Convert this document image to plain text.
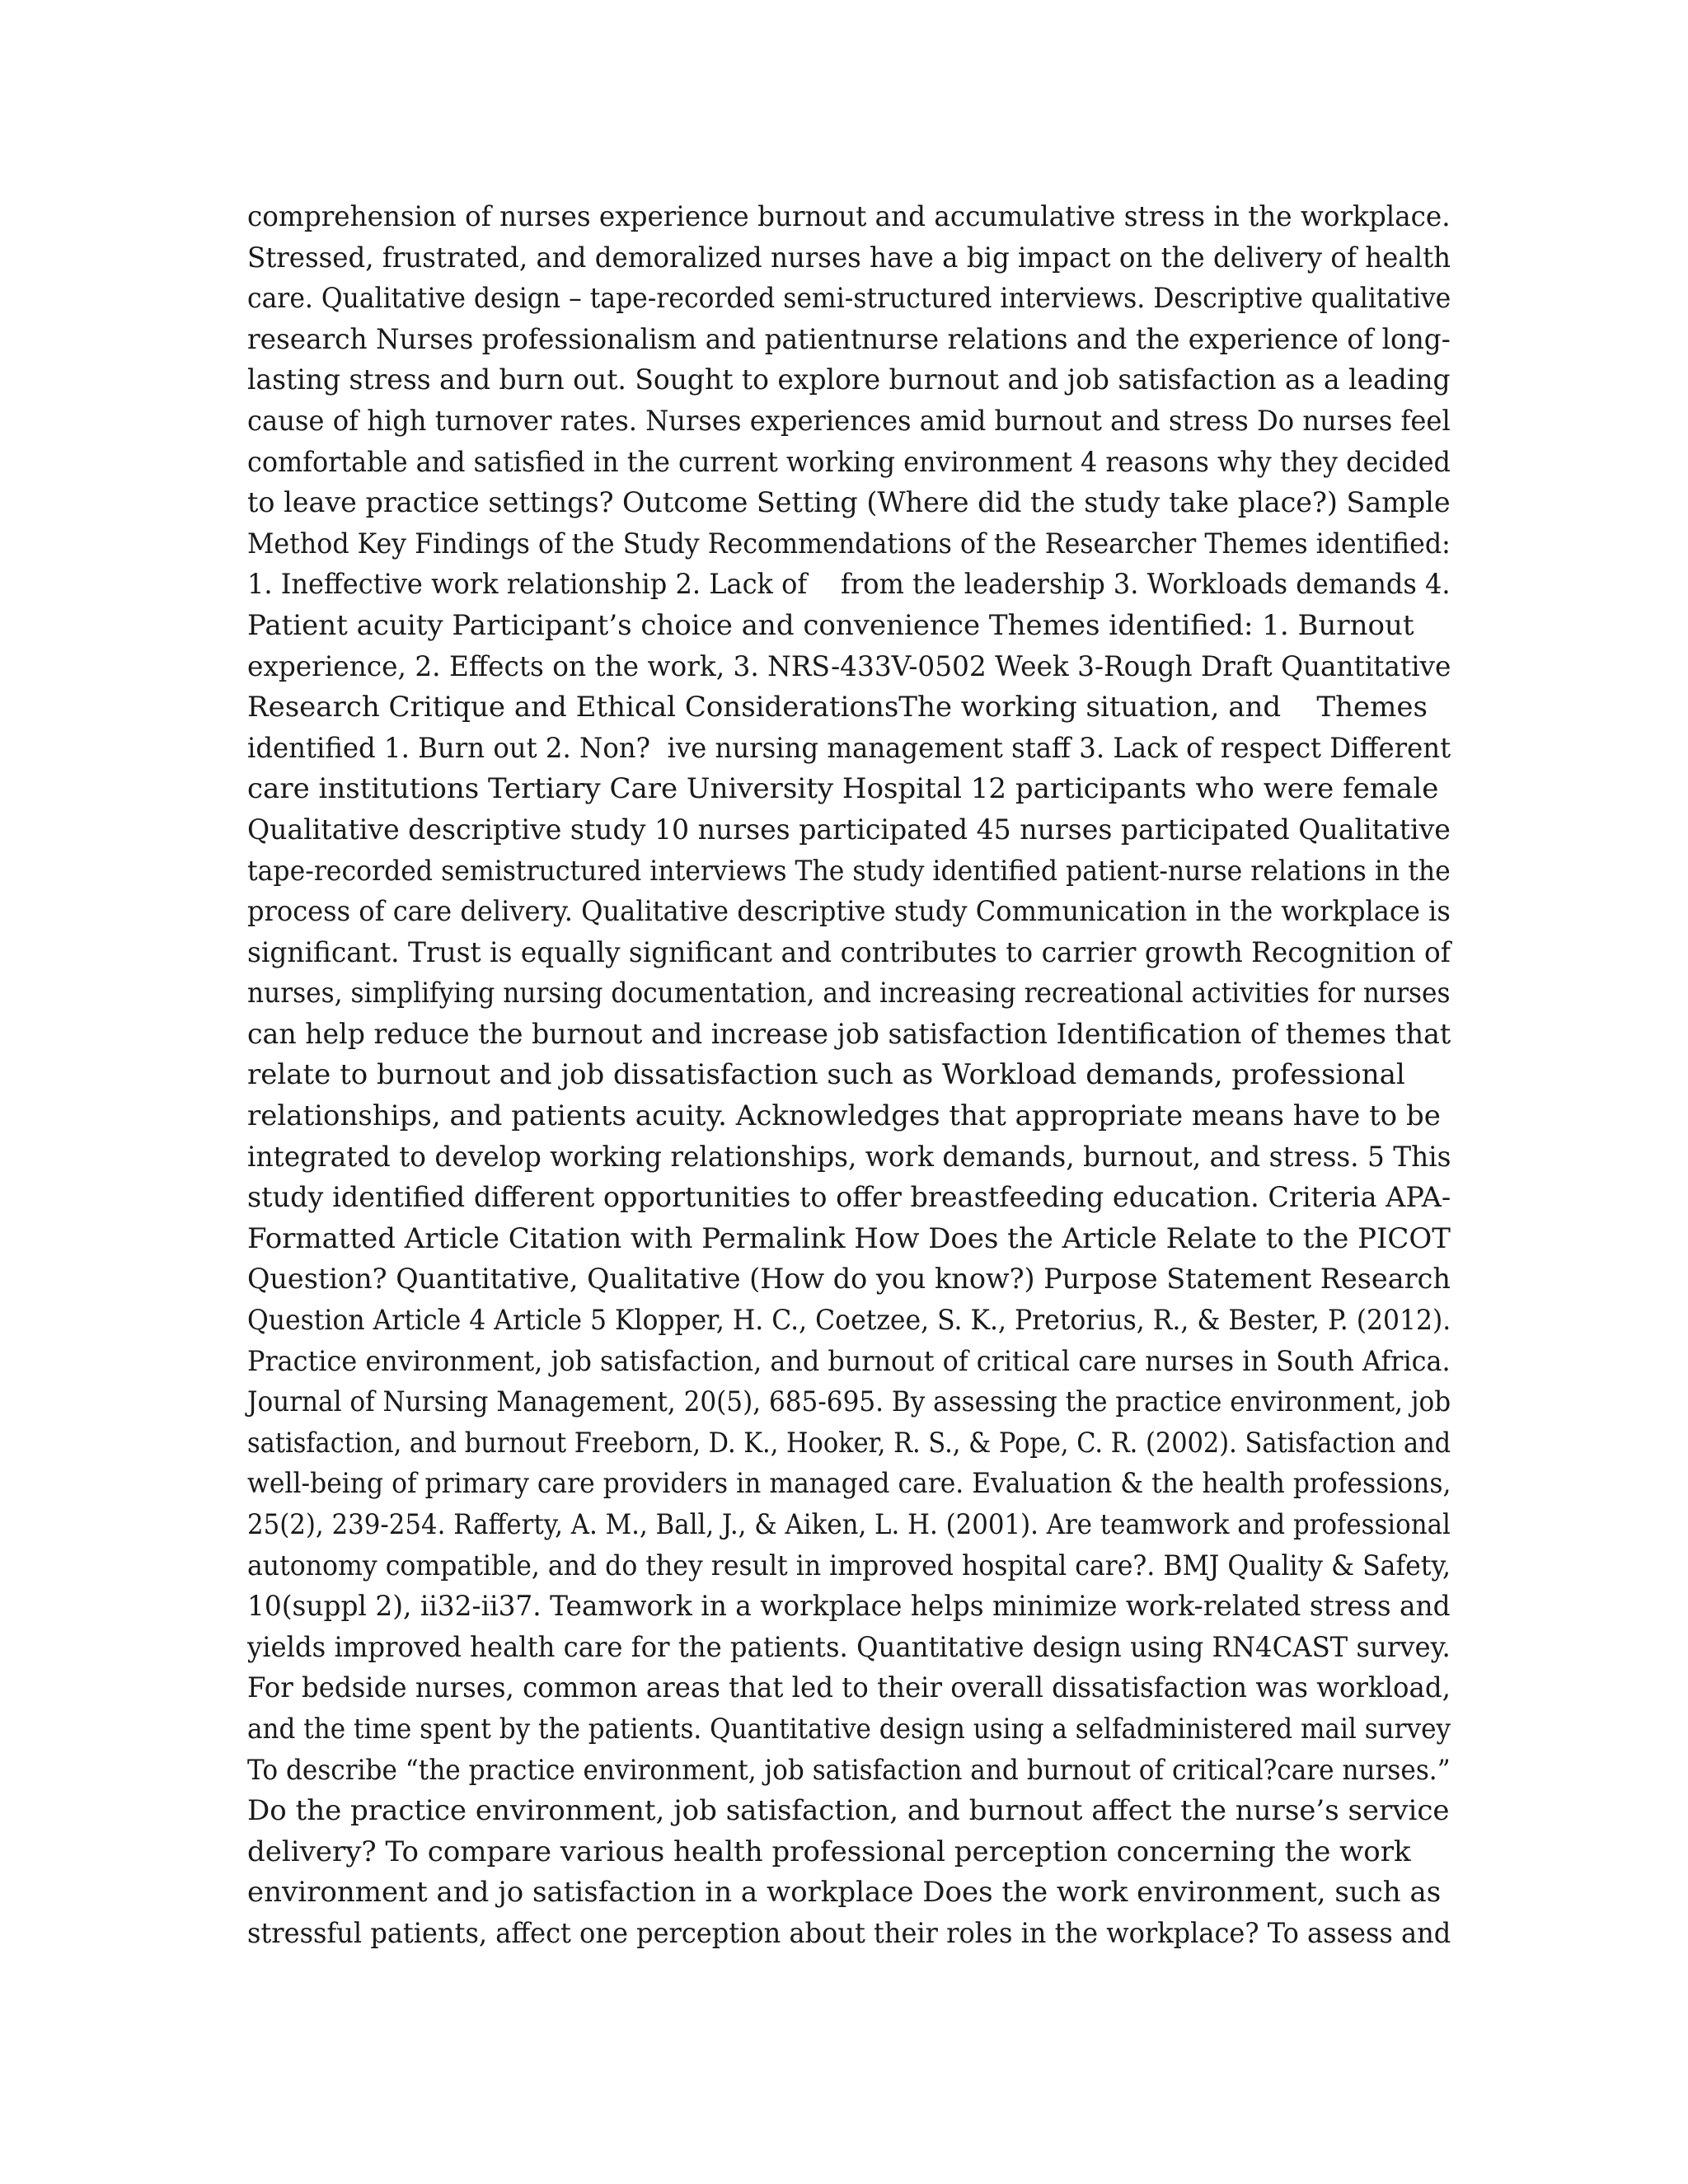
comprehension of nurses experience burnout and accumulative stress in the workplace.
Stressed, frustrated, and demoralized nurses have a big impact on the delivery of health
care. Qualitative design – tape-recorded semi-structured interviews. Descriptive qualitative
research Nurses professionalism and patientnurse relations and the experience of long-
lasting stress and burn out. Sought to explore burnout and job satisfaction as a leading
cause of high turnover rates. Nurses experiences amid burnout and stress Do nurses feel
comfortable and satisfied in the current working environment 4 reasons why they decided
to leave practice settings? Outcome Setting (Where did the study take place?) Sample
Method Key Findings of the Study Recommendations of the Researcher Themes identified:
1. Ineffective work relationship 2. Lack of    from the leadership 3. Workloads demands 4.
Patient acuity Participant’s choice and convenience Themes identified: 1. Burnout
experience, 2. Effects on the work, 3. NRS-433V-0502 Week 3-Rough Draft Quantitative
Research Critique and Ethical ConsiderationsThe working situation, and    Themes
identified 1. Burn out 2. Non?  ive nursing management staff 3. Lack of respect Different
care institutions Tertiary Care University Hospital 12 participants who were female
Qualitative descriptive study 10 nurses participated 45 nurses participated Qualitative
tape-recorded semistructured interviews The study identified patient-nurse relations in the
process of care delivery. Qualitative descriptive study Communication in the workplace is
significant. Trust is equally significant and contributes to carrier growth Recognition of
nurses, simplifying nursing documentation, and increasing recreational activities for nurses
can help reduce the burnout and increase job satisfaction Identification of themes that
relate to burnout and job dissatisfaction such as Workload demands, professional
relationships, and patients acuity. Acknowledges that appropriate means have to be
integrated to develop working relationships, work demands, burnout, and stress. 5 This
study identified different opportunities to offer breastfeeding education. Criteria APA-
Formatted Article Citation with Permalink How Does the Article Relate to the PICOT
Question? Quantitative, Qualitative (How do you know?) Purpose Statement Research
Question Article 4 Article 5 Klopper, H. C., Coetzee, S. K., Pretorius, R., & Bester, P. (2012).
Practice environment, job satisfaction, and burnout of critical care nurses in South Africa.
Journal of Nursing Management, 20(5), 685-695. By assessing the practice environment, job
satisfaction, and burnout Freeborn, D. K., Hooker, R. S., & Pope, C. R. (2002). Satisfaction and
well-being of primary care providers in managed care. Evaluation & the health professions,
25(2), 239-254. Rafferty, A. M., Ball, J., & Aiken, L. H. (2001). Are teamwork and professional
autonomy compatible, and do they result in improved hospital care?. BMJ Quality & Safety,
10(suppl 2), ii32-ii37. Teamwork in a workplace helps minimize work-related stress and
yields improved health care for the patients. Quantitative design using RN4CAST survey.
For bedside nurses, common areas that led to their overall dissatisfaction was workload,
and the time spent by the patients. Quantitative design using a selfadministered mail survey
To describe “the practice environment, job satisfaction and burnout of critical?care nurses.”
Do the practice environment, job satisfaction, and burnout affect the nurse’s service
delivery? To compare various health professional perception concerning the work
environment and jo satisfaction in a workplace Does the work environment, such as
stressful patients, affect one perception about their roles in the workplace? To assess and
